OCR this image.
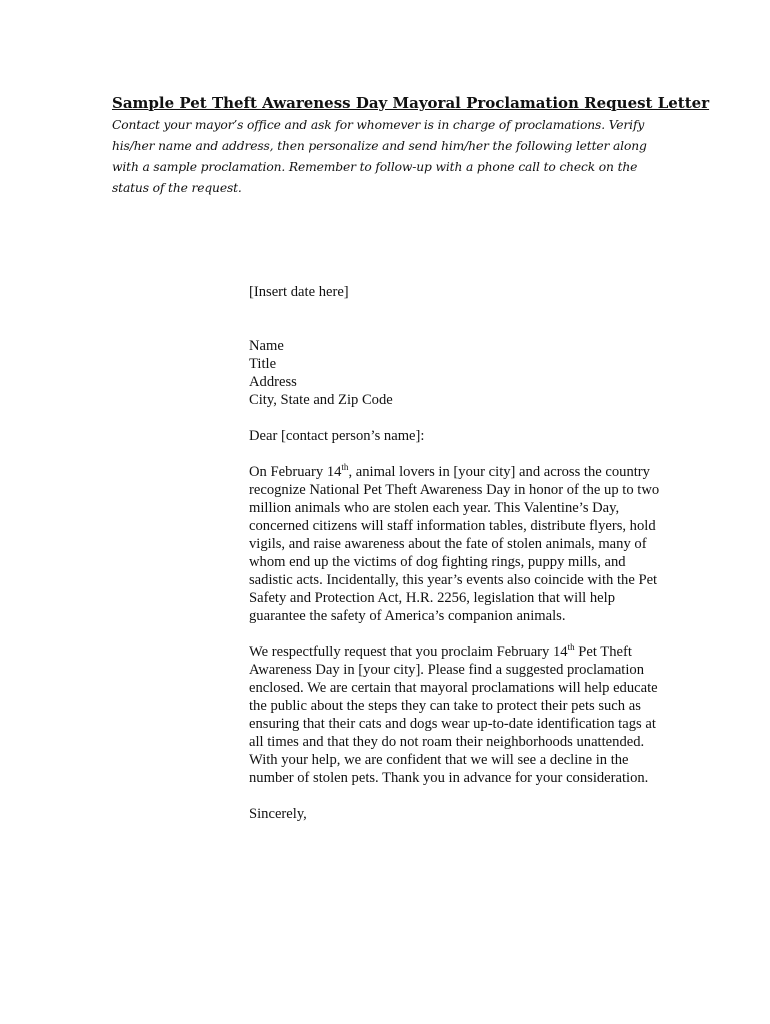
Sample Pet Theft Awareness Day Mayoral Proclamation Request Letter

Contact your mayor’s office and ask for whomever is in charge of proclamations. Verify his/her name and address, then personalize and send him/her the following letter along with a sample proclamation. Remember to follow-up with a phone call to check on the status of the request.

[Insert date here]

Name

Title

Address

City, State and Zip Code

Dear [contact person’s name]:

On February 14th, animal lovers in [your city] and across the country recognize National Pet Theft Awareness Day in honor of the up to two million animals who are stolen each year. This Valentine’s Day, concerned citizens will staff information tables, distribute flyers, hold vigils, and raise awareness about the fate of stolen animals, many of whom end up the victims of dog fighting rings, puppy mills, and sadistic acts. Incidentally, this year’s events also coincide with the Pet Safety and Protection Act, H.R. 2256, legislation that will help guarantee the safety of America’s companion animals.

We respectfully request that you proclaim February 14th Pet Theft Awareness Day in [your city]. Please find a suggested proclamation enclosed. We are certain that mayoral proclamations will help educate the public about the steps they can take to protect their pets such as ensuring that their cats and dogs wear up-to-date identification tags at all times and that they do not roam their neighborhoods unattended. With your help, we are confident that we will see a decline in the number of stolen pets. Thank you in advance for your consideration.

Sincerely,
